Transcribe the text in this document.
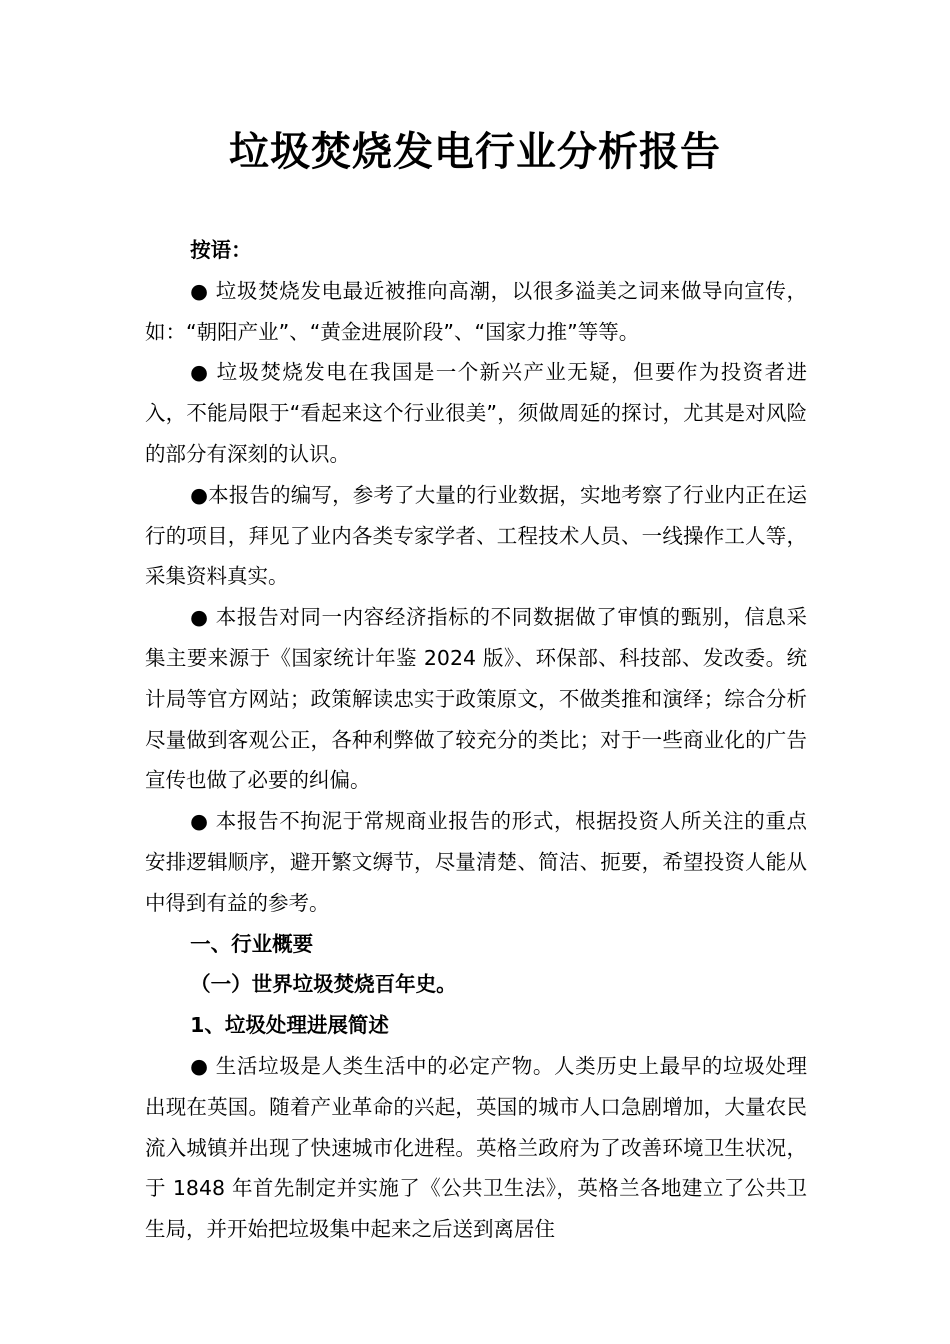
垃圾焚烧发电行业分析报告

按语：

● 垃圾焚烧发电最近被推向高潮，以很多溢美之词来做导向宣传，如：“朝阳产业”、“黄金进展阶段”、“国家力推”等等。

● 垃圾焚烧发电在我国是一个新兴产业无疑，但要作为投资者进入，不能局限于“看起来这个行业很美”，须做周延的探讨，尤其是对风险的部分有深刻的认识。

●本报告的编写，参考了大量的行业数据，实地考察了行业内正在运行的项目，拜见了业内各类专家学者、工程技术人员、一线操作工人等，采集资料真实。

● 本报告对同一内容经济指标的不同数据做了审慎的甄别，信息采集主要来源于《国家统计年鉴 2024 版》、环保部、科技部、发改委。统计局等官方网站；政策解读忠实于政策原文，不做类推和演绎；综合分析尽量做到客观公正，各种利弊做了较充分的类比；对于一些商业化的广告宣传也做了必要的纠偏。

● 本报告不拘泥于常规商业报告的形式，根据投资人所关注的重点安排逻辑顺序，避开繁文缛节，尽量清楚、简洁、扼要，希望投资人能从中得到有益的参考。

一、行业概要

（一）世界垃圾焚烧百年史。

1、垃圾处理进展简述

● 生活垃圾是人类生活中的必定产物。人类历史上最早的垃圾处理出现在英国。随着产业革命的兴起，英国的城市人口急剧增加，大量农民流入城镇并出现了快速城市化进程。英格兰政府为了改善环境卫生状况，于 1848 年首先制定并实施了《公共卫生法》，英格兰各地建立了公共卫生局，并开始把垃圾集中起来之后送到离居住
